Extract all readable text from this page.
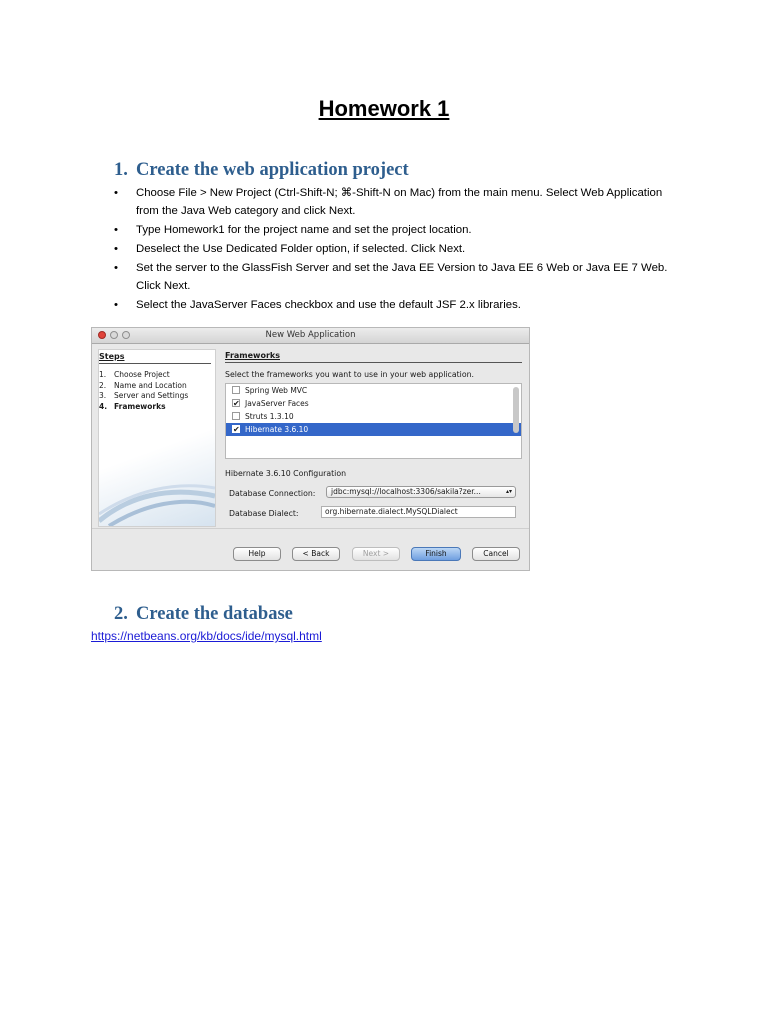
Homework 1
1. Create the web application project
• Choose File > New Project (Ctrl-Shift-N; ⌘-Shift-N on Mac) from the main menu. Select Web Application from the Java Web category and click Next.
• Type Homework1 for the project name and set the project location.
• Deselect the Use Dedicated Folder option, if selected. Click Next.
• Set the server to the GlassFish Server and set the Java EE Version to Java EE 6 Web or Java EE 7 Web. Click Next.
• Select the JavaServer Faces checkbox and use the default JSF 2.x libraries.
New Web Application
Steps
1. Choose Project
2. Name and Location
3. Server and Settings
4. Frameworks
Frameworks
Select the frameworks you want to use in your web application.
Spring Web MVC
✔ JavaServer Faces
Struts 1.3.10
✔ Hibernate 3.6.10
Hibernate 3.6.10 Configuration
Database Connection:	jdbc:mysql://localhost:3306/sakila?zer...	▴▾
Database Dialect:	org.hibernate.dialect.MySQLDialect
Help	< Back	Next >	Finish	Cancel
2. Create the database
https://netbeans.org/kb/docs/ide/mysql.html
